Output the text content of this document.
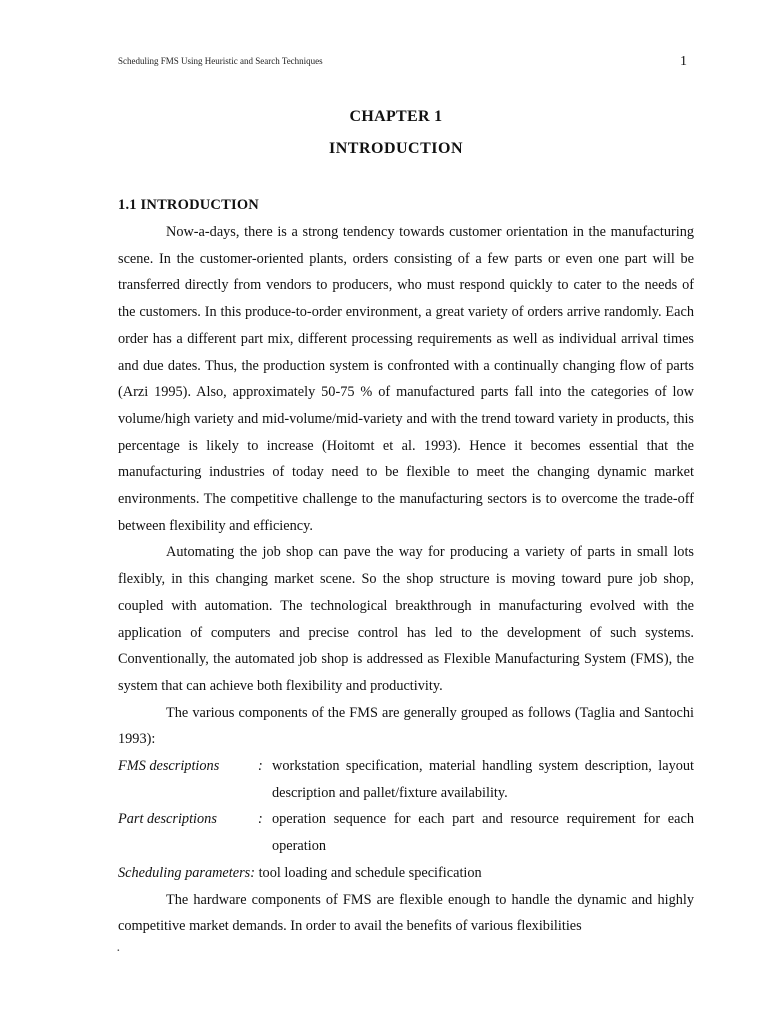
Scheduling FMS Using Heuristic and Search Techniques	1
CHAPTER 1
INTRODUCTION
1.1 INTRODUCTION

Now-a-days, there is a strong tendency towards customer orientation in the manufacturing scene. In the customer-oriented plants, orders consisting of a few parts or even one part will be transferred directly from vendors to producers, who must respond quickly to cater to the needs of the customers. In this produce-to-order environment, a great variety of orders arrive randomly. Each order has a different part mix, different processing requirements as well as individual arrival times and due dates. Thus, the production system is confronted with a continually changing flow of parts (Arzi 1995). Also, approximately 50-75 % of manufactured parts fall into the categories of low volume/high variety and mid-volume/mid-variety and with the trend toward variety in products, this percentage is likely to increase (Hoitomt et al. 1993). Hence it becomes essential that the manufacturing industries of today need to be flexible to meet the changing dynamic market environments. The competitive challenge to the manufacturing sectors is to overcome the trade-off between flexibility and efficiency.

Automating the job shop can pave the way for producing a variety of parts in small lots flexibly, in this changing market scene. So the shop structure is moving toward pure job shop, coupled with automation. The technological breakthrough in manufacturing evolved with the application of computers and precise control has led to the development of such systems. Conventionally, the automated job shop is addressed as Flexible Manufacturing System (FMS), the system that can achieve both flexibility and productivity.

The various components of the FMS are generally grouped as follows (Taglia and Santochi 1993):

FMS descriptions	: workstation specification, material handling system description, layout description and pallet/fixture availability.
Part descriptions	: operation sequence for each part and resource requirement for each operation
Scheduling parameters: tool loading and schedule specification

The hardware components of FMS are flexible enough to handle the dynamic and highly competitive market demands. In order to avail the benefits of various flexibilities

·
